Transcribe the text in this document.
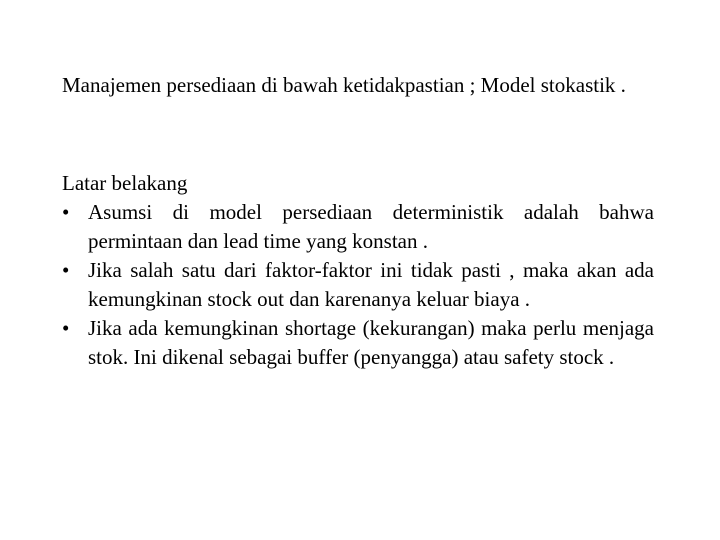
Manajemen persediaan di bawah ketidakpastian ; Model stokastik .

Latar belakang

• Asumsi di model persediaan deterministik adalah bahwa permintaan dan lead time yang konstan .
• Jika salah satu dari faktor-faktor ini tidak pasti , maka akan ada kemungkinan stock out dan karenanya keluar biaya .
• Jika ada kemungkinan shortage (kekurangan) maka perlu menjaga stok. Ini dikenal sebagai buffer (penyangga) atau safety stock .
